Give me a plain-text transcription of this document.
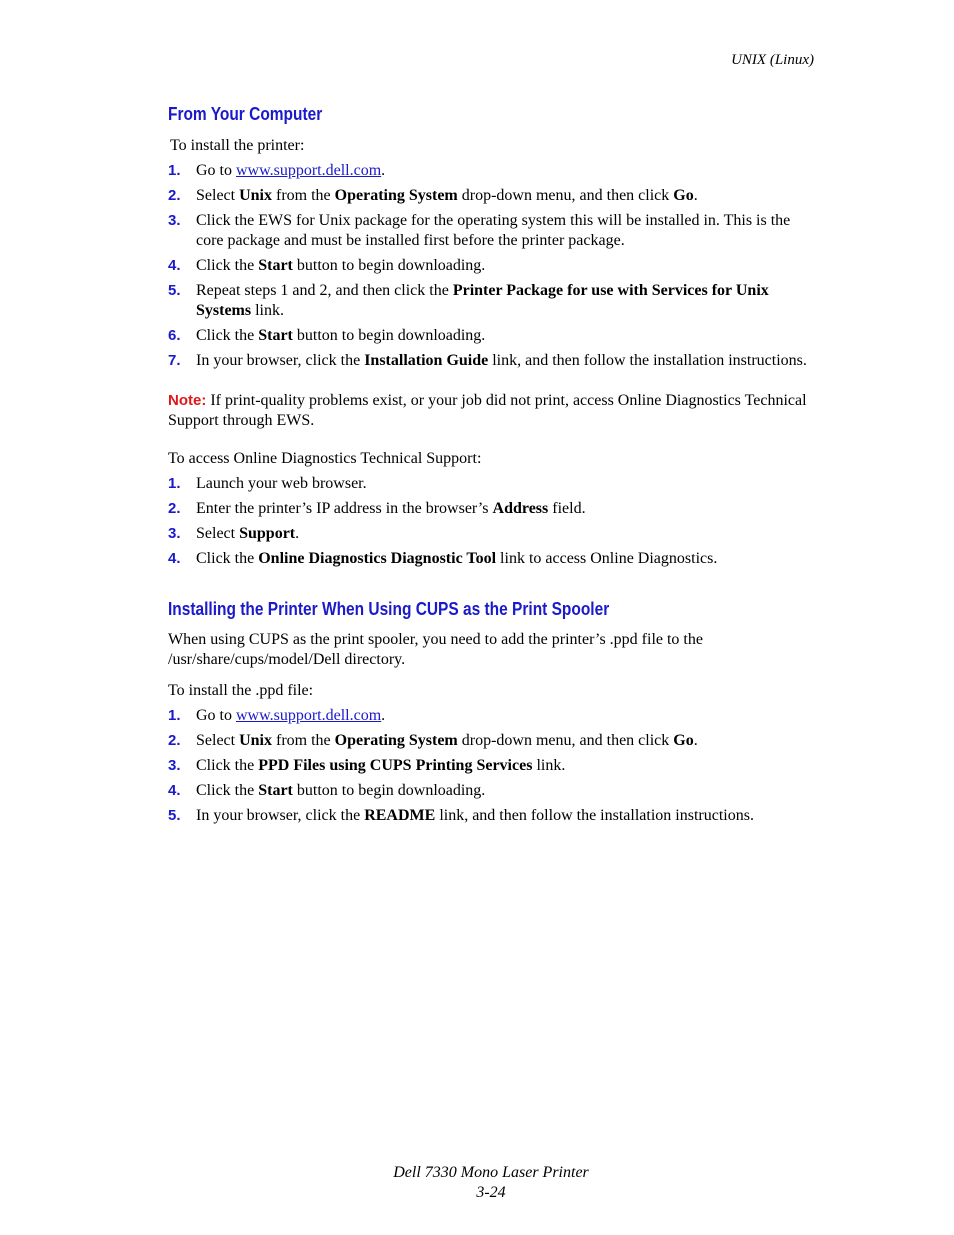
UNIX (Linux)
From Your Computer

To install the printer:

1. Go to www.support.dell.com.
2. Select Unix from the Operating System drop-down menu, and then click Go.
3. Click the EWS for Unix package for the operating system this will be installed in. This is the core package and must be installed first before the printer package.
4. Click the Start button to begin downloading.
5. Repeat steps 1 and 2, and then click the Printer Package for use with Services for Unix Systems link.
6. Click the Start button to begin downloading.
7. In your browser, click the Installation Guide link, and then follow the installation instructions.

Note: If print-quality problems exist, or your job did not print, access Online Diagnostics Technical Support through EWS.

To access Online Diagnostics Technical Support:

1. Launch your web browser.
2. Enter the printer’s IP address in the browser’s Address field.
3. Select Support.
4. Click the Online Diagnostics Diagnostic Tool link to access Online Diagnostics.
Installing the Printer When Using CUPS as the Print Spooler

When using CUPS as the print spooler, you need to add the printer’s .ppd file to the /usr/share/cups/model/Dell directory.

To install the .ppd file:

1. Go to www.support.dell.com.
2. Select Unix from the Operating System drop-down menu, and then click Go.
3. Click the PPD Files using CUPS Printing Services link.
4. Click the Start button to begin downloading.
5. In your browser, click the README link, and then follow the installation instructions.
Dell 7330 Mono Laser Printer
3-24
